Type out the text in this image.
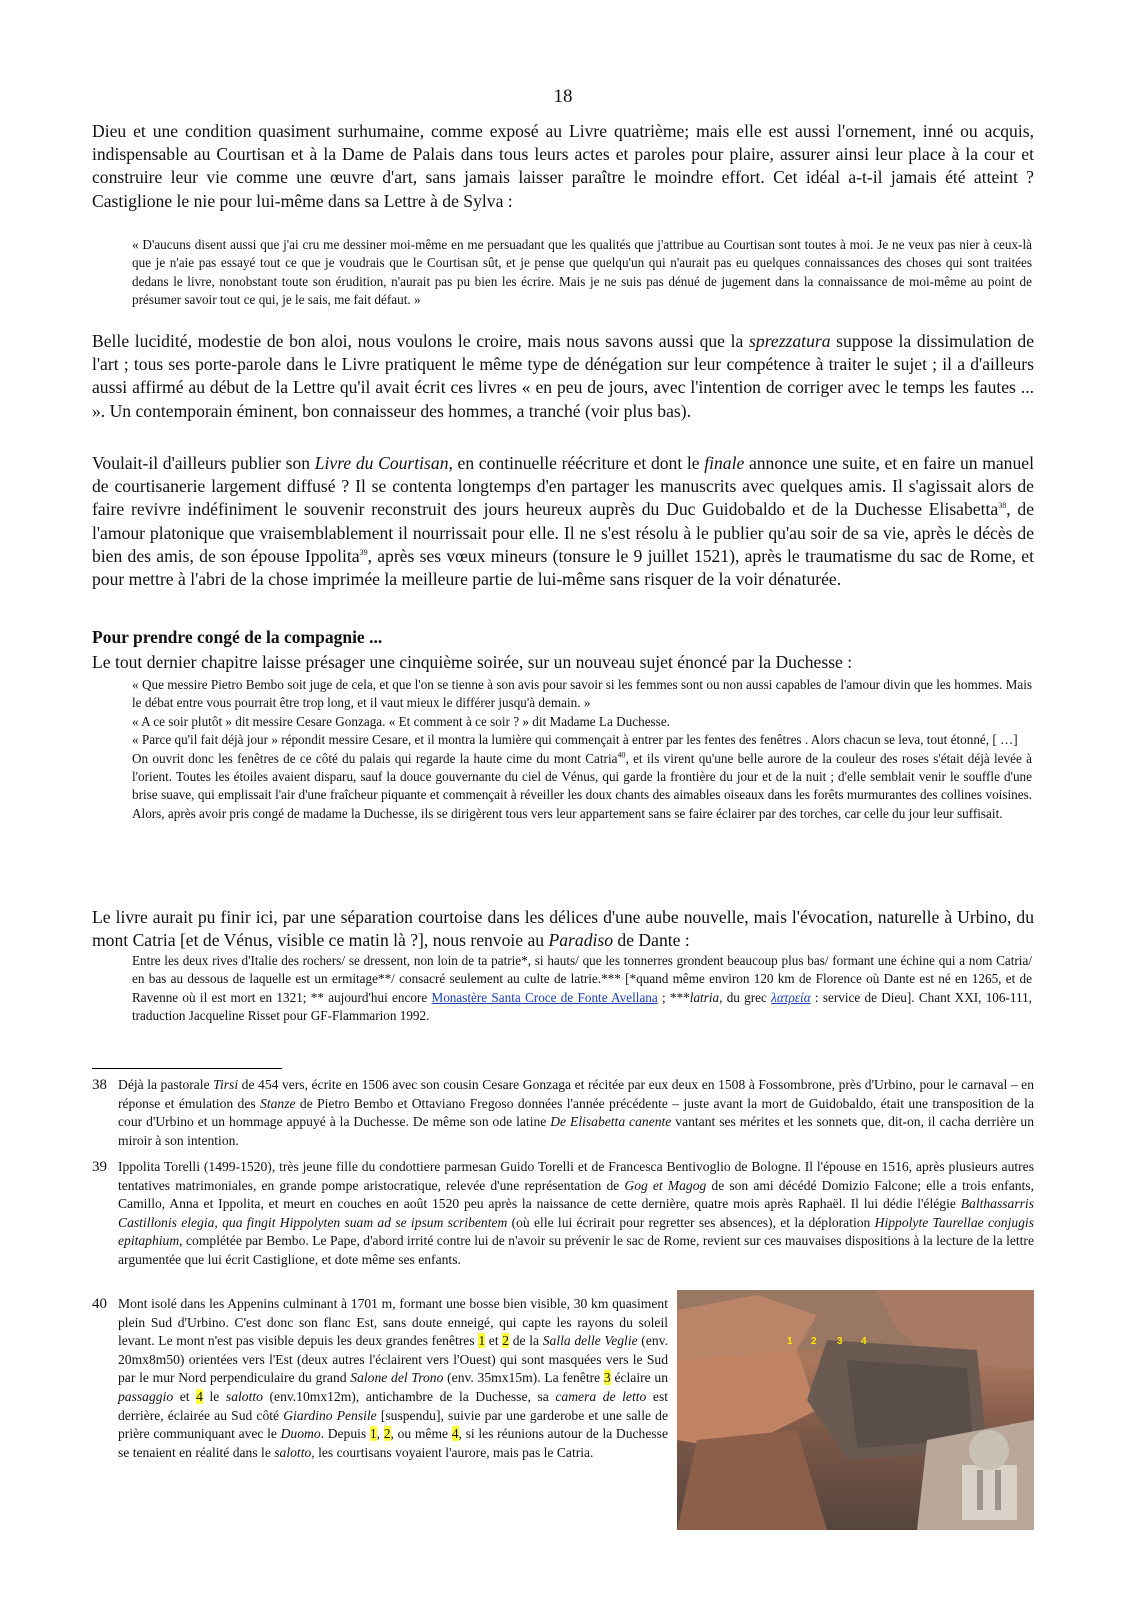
18

Dieu et une condition quasiment surhumaine, comme exposé au Livre quatrième; mais elle est aussi l'ornement, inné ou acquis, indispensable au Courtisan et à la Dame de Palais dans tous leurs actes et paroles pour plaire, assurer ainsi leur place à la cour et construire leur vie comme une œuvre d'art, sans jamais laisser paraître le moindre effort. Cet idéal a-t-il jamais été atteint ? Castiglione le nie pour lui-même dans sa Lettre à de Sylva :

« D'aucuns disent aussi que j'ai cru me dessiner moi-même en me persuadant que les qualités que j'attribue au Courtisan sont toutes à moi. Je ne veux pas nier à ceux-là que je n'aie pas essayé tout ce que je voudrais que le Courtisan sût, et je pense que quelqu'un qui n'aurait pas eu quelques connaissances des choses qui sont traitées dedans le livre, nonobstant toute son érudition, n'aurait pas pu bien les écrire. Mais je ne suis pas dénué de jugement dans la connaissance de moi-même au point de présumer savoir tout ce qui, je le sais, me fait défaut. »

Belle lucidité, modestie de bon aloi, nous voulons le croire, mais nous savons aussi que la sprezzatura suppose la dissimulation de l'art ; tous ses porte-parole dans le Livre pratiquent le même type de dénégation sur leur compétence à traiter le sujet ; il a d'ailleurs aussi affirmé au début de la Lettre qu'il avait écrit ces livres « en peu de jours, avec l'intention de corriger avec le temps les fautes ... ». Un contemporain éminent, bon connaisseur des hommes, a tranché (voir plus bas).

Voulait-il d'ailleurs publier son Livre du Courtisan, en continuelle réécriture et dont le finale annonce une suite, et en faire un manuel de courtisanerie largement diffusé ? Il se contenta longtemps d'en partager les manuscrits avec quelques amis. Il s'agissait alors de faire revivre indéfiniment le souvenir reconstruit des jours heureux auprès du Duc Guidobaldo et de la Duchesse Elisabetta$^{38}$, de l'amour platonique que vraisemblablement il nourrissait pour elle. Il ne s'est résolu à le publier qu'au soir de sa vie, après le décès de bien des amis, de son épouse Ippolita$^{39}$, après ses vœux mineurs (tonsure le 9 juillet 1521), après le traumatisme du sac de Rome, et pour mettre à l'abri de la chose imprimée la meilleure partie de lui-même sans risquer de la voir dénaturée.

Pour prendre congé de la compagnie ...

Le tout dernier chapitre laisse présager une cinquième soirée, sur un nouveau sujet énoncé par la Duchesse :

« Que messire Pietro Bembo soit juge de cela, et que l'on se tienne à son avis pour savoir si les femmes sont ou non aussi capables de l'amour divin que les hommes. Mais le débat entre vous pourrait être trop long, et il vaut mieux le différer jusqu'à demain. »

« A ce soir plutôt » dit messire Cesare Gonzaga. « Et comment à ce soir ? » dit Madame La Duchesse.

« Parce qu'il fait déjà jour » répondit messire Cesare, et il montra la lumière qui commençait à entrer par les fentes des fenêtres . Alors chacun se leva, tout étonné, [ …]

On ouvrit donc les fenêtres de ce côté du palais qui regarde la haute cime du mont Catria$^{40}$, et ils virent qu'une belle aurore de la couleur des roses s'était déjà levée à l'orient. Toutes les étoiles avaient disparu, sauf la douce gouvernante du ciel de Vénus, qui garde la frontière du jour et de la nuit ; d'elle semblait venir le souffle d'une brise suave, qui emplissait l'air d'une fraîcheur piquante et commençait à réveiller les doux chants des aimables oiseaux dans les forêts murmurantes des collines voisines. Alors, après avoir pris congé de madame la Duchesse, ils se dirigèrent tous vers leur appartement sans se faire éclairer par des torches, car celle du jour leur suffisait.

Le livre aurait pu finir ici, par une séparation courtoise dans les délices d'une aube nouvelle, mais l'évocation, naturelle à Urbino, du mont Catria [et de Vénus, visible ce matin là ?], nous renvoie au Paradiso de Dante :

Entre les deux rives d'Italie des rochers/ se dressent, non loin de ta patrie*, si hauts/ que les tonnerres grondent beaucoup plus bas/ formant une échine qui a nom Catria/ en bas au dessous de laquelle est un ermitage**/ consacré seulement au culte de latrie.*** [*quand même environ 120 km de Florence où Dante est né en 1265, et de Ravenne où il est mort en 1321; ** aujourd'hui encore Monastère Santa Croce de Fonte Avellana ; ***latria, du grec λατρεία : service de Dieu]. Chant XXI, 106-111, traduction Jacqueline Risset pour GF-Flammarion 1992.

38 Déjà la pastorale Tirsi de 454 vers, écrite en 1506 avec son cousin Cesare Gonzaga et récitée par eux deux en 1508 à Fossombrone, près d'Urbino, pour le carnaval – en réponse et émulation des Stanze de Pietro Bembo et Ottaviano Fregoso données l'année précédente – juste avant la mort de Guidobaldo, était une transposition de la cour d'Urbino et un hommage appuyé à la Duchesse. De même son ode latine De Elisabetta canente vantant ses mérites et les sonnets que, dit-on, il cacha derrière un miroir à son intention.
39 Ippolita Torelli (1499-1520), très jeune fille du condottiere parmesan Guido Torelli et de Francesca Bentivoglio de Bologne. Il l'épouse en 1516, après plusieurs autres tentatives matrimoniales, en grande pompe aristocratique, relevée d'une représentation de Gog et Magog de son ami décédé Domizio Falcone; elle a trois enfants, Camillo, Anna et Ippolita, et meurt en couches en août 1520 peu après la naissance de cette dernière, quatre mois après Raphaël. Il lui dédie l'élégie Balthassarris Castillonis elegia, qua fingit Hippolyten suam ad se ipsum scribentem (où elle lui écrirait pour regretter ses absences), et la déploration Hippolyte Taurellae conjugis epitaphium, complétée par Bembo. Le Pape, d'abord irrité contre lui de n'avoir su prévenir le sac de Rome, revient sur ces mauvaises dispositions à la lecture de la lettre argumentée que lui écrit Castiglione, et dote même ses enfants.
40 Mont isolé dans les Appenins culminant à 1701 m, formant une bosse bien visible, 30 km quasiment plein Sud d'Urbino. C'est donc son flanc Est, sans doute enneigé, qui capte les rayons du soleil levant. Le mont n'est pas visible depuis les deux grandes fenêtres 1 et 2 de la Salla delle Veglie (env. 20mx8m50) orientées vers l'Est (deux autres l'éclairent vers l'Ouest) qui sont masquées vers le Sud par le mur Nord perpendiculaire du grand Salone del Trono (env. 35mx15m). La fenêtre 3 éclaire un passaggio et 4 le salotto (env.10mx12m), antichambre de la Duchesse, sa camera de letto est derrière, éclairée au Sud côté Giardino Pensile [suspendu], suivie par une garderobe et une salle de prière communiquant avec le Duomo. Depuis 1, 2, ou même 4, si les réunions autour de la Duchesse se tenaient en réalité dans le salotto, les courtisans voyaient l'aurore, mais pas le Catria.
1 2 3 4
